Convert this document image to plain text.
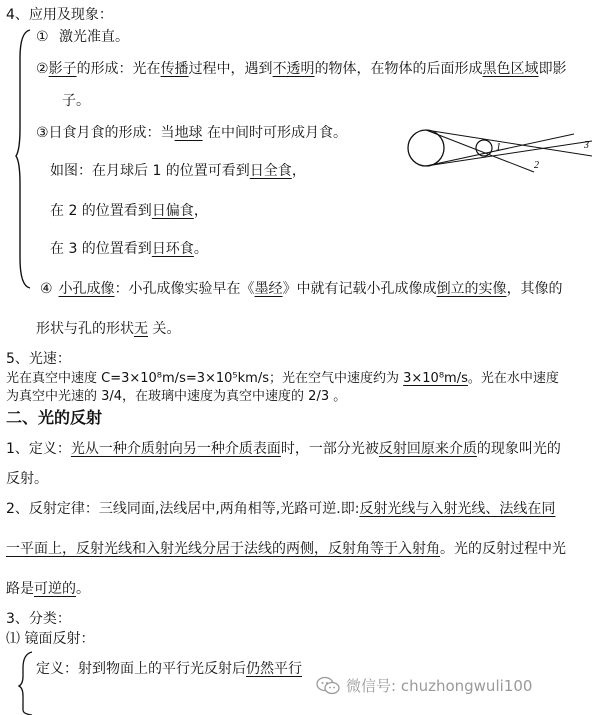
4、应用及现象：
① 激光准直。
②影子的形成：光在传播过程中，遇到不透明的物体，在物体的后面形成黑色区域即影
子。
③日食月食的形成：当地球 在中间时可形成月食。
如图：在月球后 1 的位置可看到日全食，
在 2 的位置看到日偏食，
在 3 的位置看到日环食。
1
2
3
④ 小孔成像：小孔成像实验早在《墨经》中就有记载小孔成像成倒立的实像，其像的
形状与孔的形状无 关。
5、光速：
光在真空中速度 C=3×10⁸m/s=3×10⁵km/s；光在空气中速度约为 3×10⁸m/s。光在水中速度
为真空中光速的 3/4，在玻璃中速度为真空中速度的 2/3 。
二、光的反射
1、定义：光从一种介质射向另一种介质表面时，一部分光被反射回原来介质的现象叫光的
反射。
2、反射定律：三线同面,法线居中,两角相等,光路可逆.即:反射光线与入射光线、法线在同
一平面上，反射光线和入射光线分居于法线的两侧，反射角等于入射角。光的反射过程中光
路是可逆的。
3、分类：
⑴ 镜面反射：
定义：射到物面上的平行光反射后仍然平行
微信号: chuzhongwuli100
